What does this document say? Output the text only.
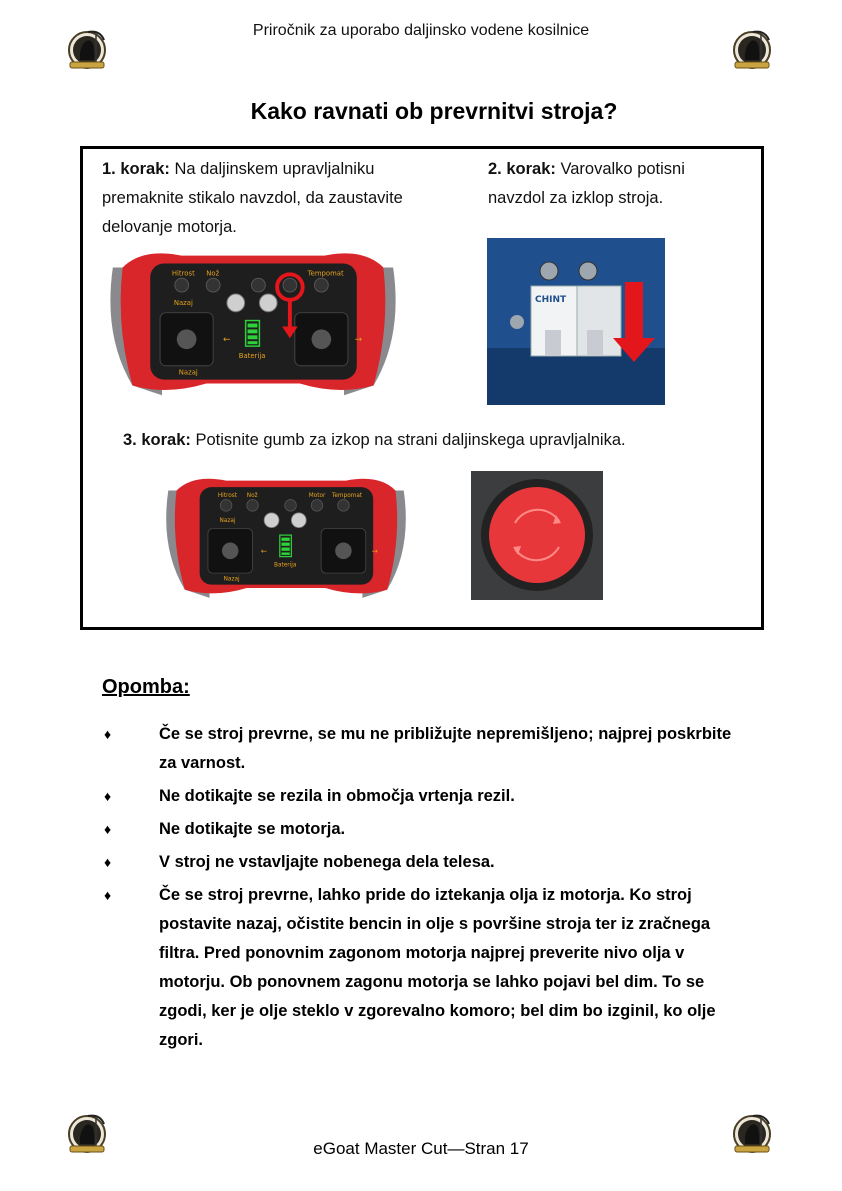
Priročnik za uporabo daljinsko vodene kosilnice
Kako ravnati ob prevrnitvi stroja?
1. korak: Na daljinskem upravljalniku premaknite stikalo navzdol, da zaustavite delovanje motorja.
2. korak: Varovalko potisni navzdol za izklop stroja.
Hitrost Nož	Tempomat
Nazaj
Baterija
Nazaj
CHINT
3. korak: Potisnite gumb za izkop na strani daljinskega upravljalnika.
Hitrost Nož	Motor Tempomat
Nazaj
Baterija
Nazaj
Opomba:
♦	Če se stroj prevrne, se mu ne približujte nepremišljeno; najprej poskrbite za varnost.
♦	Ne dotikajte se rezila in območja vrtenja rezil.
♦	Ne dotikajte se motorja.
♦	V stroj ne vstavljajte nobenega dela telesa.
♦	Če se stroj prevrne, lahko pride do iztekanja olja iz motorja. Ko stroj postavite nazaj, očistite bencin in olje s površine stroja ter iz zračnega filtra. Pred ponovnim zagonom motorja najprej preverite nivo olja v motorju. Ob ponovnem zagonu motorja se lahko pojavi bel dim. To se zgodi, ker je olje steklo v zgorevalno komoro; bel dim bo izginil, ko olje zgori.
eGoat Master Cut—Stran 17
